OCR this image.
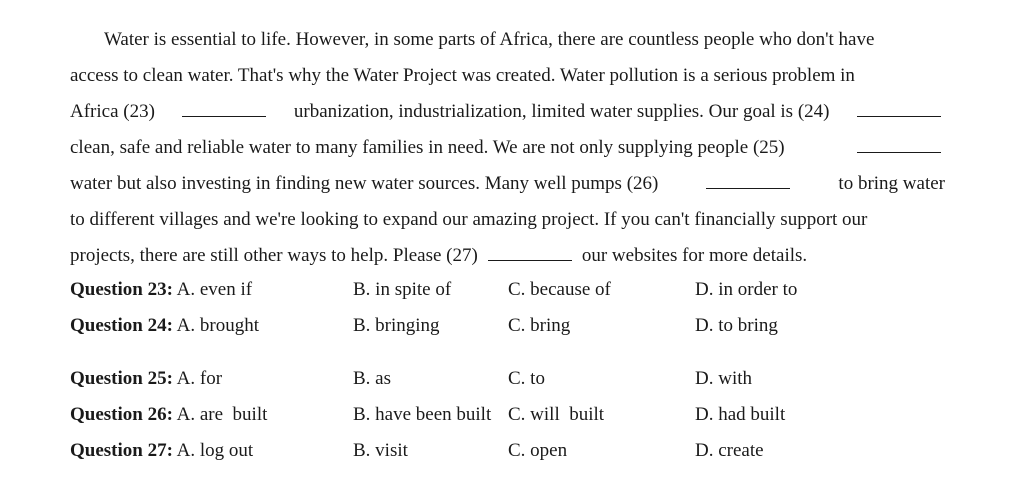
Water is essential to life. However, in some parts of Africa, there are countless people who don't have
access to clean water. That's why the Water Project was created. Water pollution is a serious problem in
Africa (23)	urbanization, industrialization, limited water supplies. Our goal is (24)
clean, safe and reliable water to many families in need. We are not only supplying people (25)
water but also investing in finding new water sources. Many well pumps (26)	to bring water
to different villages and we're looking to expand our amazing project. If you can't financially support our
projects, there are still other ways to help. Please (27)	our websites for more details.
Question 23: A. even if	B. in spite of	C. because of	D. in order to
Question 24: A. brought	B. bringing	C. bring	D. to bring
Question 25: A. for	B. as	C. to	D. with
Question 26: A. are  built	B. have been built C. will  built	D. had built
Question 27: A. log out	B. visit	C. open	D. create
